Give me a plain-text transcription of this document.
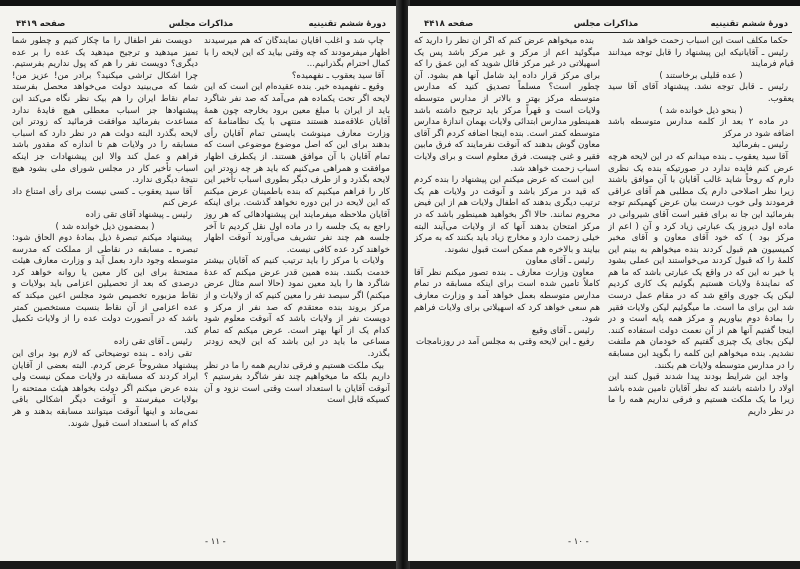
دورهٔ ششم تقنینیه
مذاکرات مجلس
صفحه ۴۴۱۹

چاپ شد و اغلب آقایان نمایندگان که هم میرسیدند اظهار میفرمودند که چه وقتی بیاید که این لایحه را با کمال احترام بگذرانیم...

آقا سید یعقوب ـ نفهمیده؟

وقیع ـ نفهمیده خیر. بنده عقیده‌ام این است که این لایحه اگر تحت یکماده هم می‌آمد که صد نفر شاگرد باید از ایران با مبلغ معین برود بخارجه چون همهٔ آقایان علاقه‌مند هستند منتهی با یک نظامنامهٔ که وزارت معارف مینوشت بایستی تمام آقایان رأی بدهند برای این که اصل موضوع موضوعی است که تمام آقایان با آن موافق هستند. از یکطرف اظهار موافقت و همراهی می‌کنیم که باید هر چه زودتر این لایحه بگذرد و از طرف دیگر بطوری اسباب تأخیر این کار را فراهم میکنیم که بنده باطمینان عرض میکنم که این لایحه در این دوره نخواهد گذشت. برای اینکه آقایان ملاحظه میفرمایند این پیشنهادهائی که هر روز راجع به یک جلسه را در ماده اول نقل کردیم تا آخر جلسه هم چند نفر تشریف می‌آورند آنوقت اظهار خواهند کرد عده کافی نیست.

ولایات با مرکز را باید ترتیب کنیم که آقایان بیشتر خدمت بکنند. بنده همین قدر عرض میکنم که عدهٔ شاگرد ها را باید معین نمود (حالا اسم مثال عرض میکنم) اگر سیصد نفر را معین کنیم که از ولایات و از مرکز بروند بنده معتقدم که صد نفر از مرکز و دویست نفر از ولایات باشد که آنوقت معلوم شود کدام یک از آنها بهتر است. عرض میکنم که تمام مساعی ما باید در این باشد که این لایحه زودتر بگذرد.

بیک ملکت هستیم و فرقی نداریم همه را ما در نظر داریم بلکه ما میخواهیم چند نفر شاگرد بفرستیم ؟ آنوقت آقایان با استعداد است وقتی است نزود و آن کسیکه قابل است

دویست نفر اطفال را ما چکار کنیم و چطور شما تمیز میدهید و ترجیح میدهید یک عده را بر عده دیگری؟ دویست نفر را هم که پول نداریم بفرستیم. چرا اشکال تراشی میکنید؟ برادر من! عزیز من! شما که می‌بینید دولت می‌خواهد محصل بفرستد تمام نقاط ایران را هم بیک نظر نگاه می‌کند این پیشنهادها جز اسباب معطلی هیچ فایدهٔ ندارد مساعدت بفرمائید موافقت فرمائید که زودتر این لایحه بگذرد البته دولت هم در نظر دارد که اسباب مسابقه را در ولایات هم تا اندازه که مقدور باشد فراهم و عمل کند والا این پیشنهادات جز اینکه اسباب تأخیر کار در مجلس شورای ملی بشود هیچ نتیجهٔ دیگری ندارد.

آقا سید یعقوب ـ کسی نیست برای رأی امتناع داد عرض کنم

رئیس ـ پیشنهاد آقای تقی زاده

( بمضمون ذیل خوانده شد )

پیشنهاد میکنم تبصرهٔ ذیل بمادهٔ دوم الحاق شود: تبصره ـ مسابقه در نقاطی از مملکت که مدرسه متوسطه وجود دارد بعمل آید و وزارت معارف هیئت ممتحنهٔ برای این کار معین یا روانه خواهد کرد درصدی که بعد از تحصیلین اعزامی باید بولایات و نقاط مزبوره تخصیص شود مجلس اعین میکند که عده اعزامی از آن نقاط بنسبت مستخصین کمتر باشد که در آنصورت دولت عده را از ولایات تکمیل کند.

رئیس ـ آقای تقی زاده

تقی زاده ـ بنده توضیحاتی که لازم بود برای این پیشنهاد مشروحاً عرض کردم. البته بعضی از آقایان ایراد کردند که مسابقه در ولایات ممکن نیست ولی بنده عرض میکنم اگر دولت بخواهد هیئت ممتحنه را بولایات میفرستد و آنوقت دیگر اشکالی باقی نمی‌ماند و اینها آنوقت میتوانند مسابقه بدهند و هر کدام که با استعداد است قبول شوند.

- ۱۱ -
دورهٔ ششم تقنینیه
مذاکرات مجلس
صفحه ۴۴۱۸

حکماً مکلف است این اسباب زحمت خواهد شد

رئیس ـ آقایانیکه این پیشنهاد را قابل توجه میدانند قیام فرمایند

( عده قلیلی برخاستند )

رئیس ـ قابل توجه نشد. پیشنهاد آقای آقا سید یعقوب.

( بنحو ذیل خوانده شد )

در ماده ۲ بعد از کلمه مدارس متوسطه باشد اضافه شود در مرکز

رئیس ـ بفرمائید

آقا سید یعقوب ـ بنده میدانم که در این لایحه هرچه عرض کنم فایده ندارد در صورتیکه بنده یک نظری دارم که روحاً شاید غالب آقایان با آن موافق باشند زیرا نظر اصلاحی دارم یک مطلبی هم آقای عراقی فرمودند ولی خوب درست بیان عرض کهمیکنم توجه بفرمائید این جا نه برای فقیر است آقای شیروانی در ماده اول دیروز یک عبارتی زیاد کرد و آن ( اعم از مرکز بود ) که خود آقای معاون و آقای مخبر کمیسیون هم قبول کردند بنده میخواهم به بینم این کلمهٔ را که قبول کردند می‌خواستند این عملی بشود یا خیر نه این که در واقع یک عبارتی باشد که ما هم که نمایندهٔ ولایات هستیم بگوئیم یک کاری کردیم لیکن یک جوری واقع شد که در مقام عمل درست شد این برای ما است. ما میگوئیم لیکن ولایات فقیر را بمادهٔ دوم بیاوریم و مرکز همه پایه است و در اینجا گفتیم آنها هم از آن نعمت دولت استفاده کنند. لیکن بجای یک چیزی گفتیم که خودمان هم ملتفت نشدیم. بنده میخواهم این کلمه را بگوید این مسابقه را در مدارس متوسطه ولایات هم بکنند.

واجد این شرایط بودند پیدا شدند قبول کنند این اولاد را داشته باشند که نظر آقایان تامین شده باشد زیرا ما یک ملکت هستیم و فرقی نداریم همه را ما در نظر داریم

بنده میخواهم عرض کنم که اگر آن نظر را دارید که میگوئید اعم از مرکز و غیر مرکز باشد پس یک اسهیلاتی در غیر مرکز قائل شوید که این عمق را که برای مرکز قرار داده اید شامل آنها هم بشود. آن چطور است؟ مسلماً تصدیق کنید که مدارس متوسطه مرکز بهتر و بالاتر از مدارس متوسطه ولایات است و قهراً مرکز باید ترجیح داشته باشد همینطور مدارس ابتدائی ولایات بهمان اندازهٔ مدارس متوسطه کمتر است. بنده اینجا اضافه کردم اگر آقای معاون گوش بدهند که آنوقت نفرمایند که فرق مابین فقیر و غنی چیست. فرق معلوم است و برای ولایات اسباب زحمت خواهد شد.

این است که عرض میکنم این پیشنهاد را بنده کردم که قید در مرکز باشد و آنوقت در ولایات هم یک ترتیب دیگری بدهند که اطفال ولایات هم از این فیض محروم نمانند. حالا اگر بخواهید همینطور باشد که در مرکز امتحان بدهند آنها که از ولایات می‌آیند البته خیلی زحمت دارد و مخارج زیاد باید بکنند که به مرکز بیایند و بالاخره هم ممکن است قبول نشوند.

رئیس ـ آقای معاون

معاون وزارت معارف ـ بنده تصور میکنم نظر آقا کاملاً تامین شده است برای اینکه مسابقه در تمام مدارس متوسطه بعمل خواهد آمد و وزارت معارف هم سعی خواهد کرد که اسهیلاتی برای ولایات فراهم شود.

رئیس ـ آقای وقیع

رفیع ـ این لایحه وقتی به مجلس آمد در روزنامجات

- ۱۰ -
